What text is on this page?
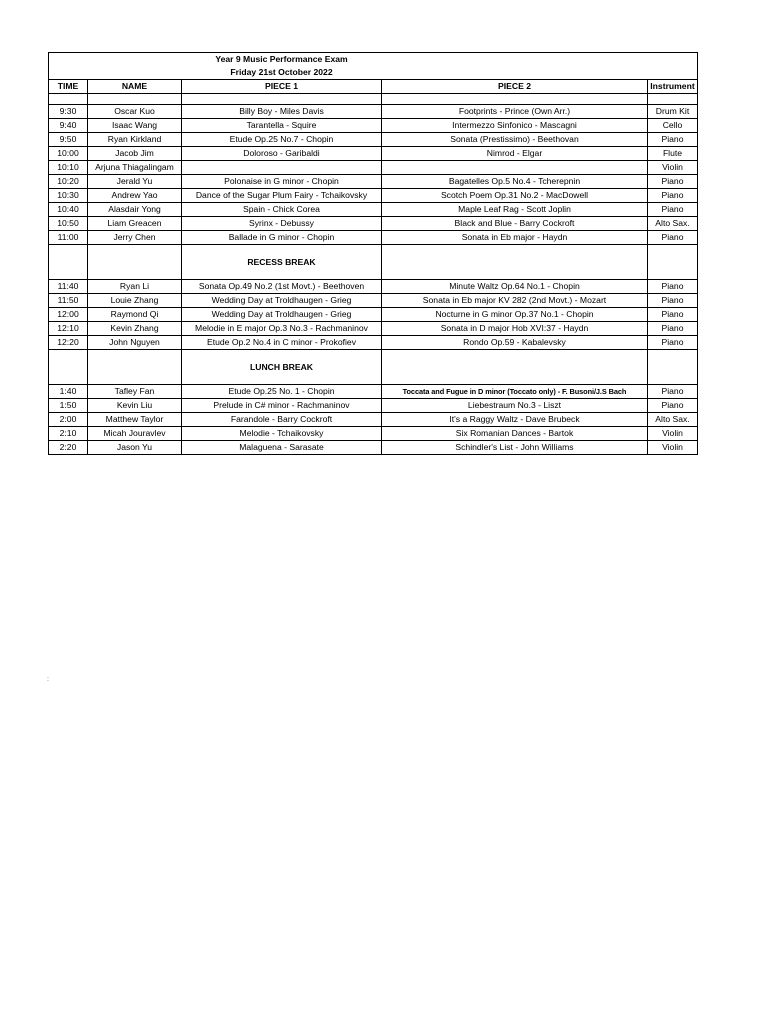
		Year 9 Music Performance Exam		
		Friday 21st October 2022		
TIME	NAME	PIECE 1	PIECE 2	Instrument

9:30	Oscar Kuo	Billy Boy - Miles Davis	Footprints - Prince (Own Arr.)	Drum Kit
9:40	Isaac Wang	Tarantella - Squire	Intermezzo Sinfonico - Mascagni	Cello
9:50	Ryan Kirkland	Etude Op.25 No.7 - Chopin	Sonata (Prestissimo) - Beethovan	Piano
10:00	Jacob Jim	Doloroso - Garibaldi	Nimrod - Elgar	Flute
10:10	Arjuna Thiagalingam			Violin
10:20	Jerald Yu	Polonaise in G minor - Chopin	Bagatelles Op.5 No.4 - Tcherepnin	Piano
10:30	Andrew Yao	Dance of the Sugar Plum Fairy - Tchaikovsky	Scotch Poem Op.31 No.2 - MacDowell	Piano
10:40	Alasdair Yong	Spain - Chick Corea	Maple Leaf Rag - Scott Joplin	Piano
10:50	Liam Greacen	Syrinx - Debussy	Black and Blue - Barry Cockroft	Alto Sax.
11:00	Jerry Chen	Ballade in G minor - Chopin	Sonata in Eb major - Haydn	Piano
		RECESS BREAK		
11:40	Ryan Li	Sonata Op.49 No.2 (1st Movt.) - Beethoven	Minute Waltz Op.64 No.1 - Chopin	Piano
11:50	Louie Zhang	Wedding Day at Troldhaugen - Grieg	Sonata in Eb major KV 282 (2nd Movt.) - Mozart	Piano
12:00	Raymond Qi	Wedding Day at Troldhaugen - Grieg	Nocturne in G minor Op.37 No.1 - Chopin	Piano
12:10	Kevin Zhang	Melodie in E major Op.3 No.3 - Rachmaninov	Sonata in D major Hob XVI:37 - Haydn	Piano
12:20	John Nguyen	Etude Op.2 No.4 in C minor - Prokofiev	Rondo Op.59 - Kabalevsky	Piano
		LUNCH BREAK		
1:40	Tafley Fan	Etude Op.25 No. 1 - Chopin	Toccata and Fugue in D minor (Toccato only) - F. Busoni/J.S Bach	Piano
1:50	Kevin Liu	Prelude in C# minor - Rachmaninov	Liebestraum No.3 - Liszt	Piano
2:00	Matthew Taylor	Farandole - Barry Cockroft	It's a Raggy Waltz - Dave Brubeck	Alto Sax.
2:10	Micah Jouravlev	Melodie - Tchaikovsky	Six Romanian Dances - Bartok	Violin
2:20	Jason Yu	Malaguena - Sarasate	Schindler's List - John Williams	Violin
:
